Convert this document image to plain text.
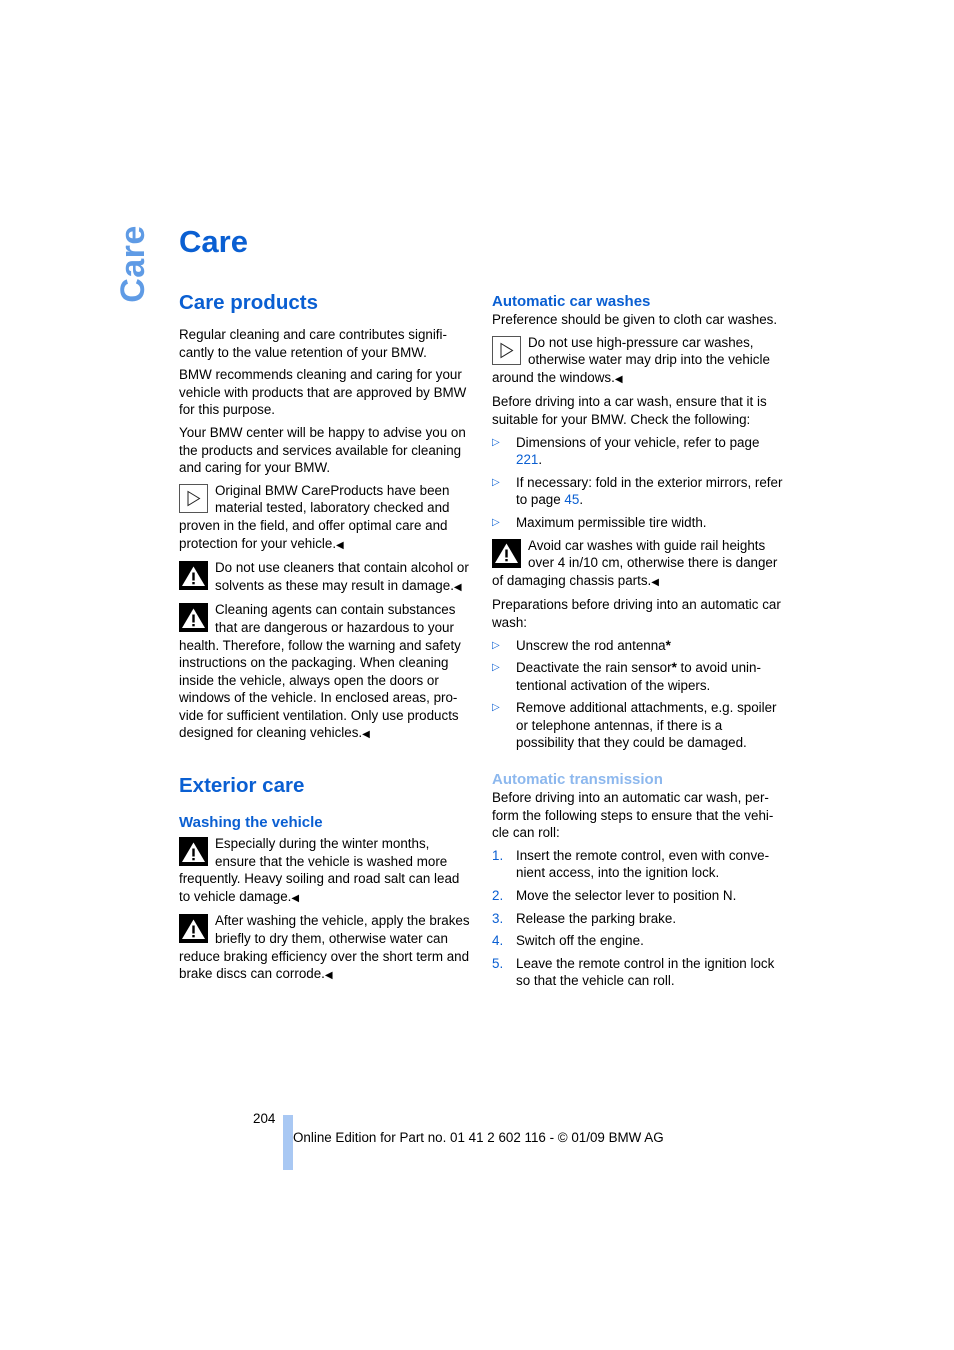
Care Care
Care products

Regular cleaning and care contributes signifi-cantly to the value retention of your BMW.

BMW recommends cleaning and caring for your vehicle with products that are approved by BMW for this purpose.

Your BMW center will be happy to advise you on the products and services available for cleaning and caring for your BMW.

Original BMW CareProducts have been material tested, laboratory checked and proven in the field, and offer optimal care and protection for your vehicle.◀
Do not use cleaners that contain alcohol or solvents as these may result in damage.◀
Cleaning agents can contain substances that are dangerous or hazardous to your health. Therefore, follow the warning and safety instructions on the packaging. When cleaning inside the vehicle, always open the doors or windows of the vehicle. In enclosed areas, pro-vide for sufficient ventilation. Only use products designed for cleaning vehicles.◀
Exterior care
Washing the vehicle
Especially during the winter months, ensure that the vehicle is washed more frequently. Heavy soiling and road salt can lead to vehicle damage.◀
After washing the vehicle, apply the brakes briefly to dry them, otherwise water can reduce braking efficiency over the short term and brake discs can corrode.◀
Automatic car washes

Preference should be given to cloth car washes.

Do not use high-pressure car washes, otherwise water may drip into the vehicle around the windows.◀

Before driving into a car wash, ensure that it is suitable for your BMW. Check the following:

▷ Dimensions of your vehicle, refer to page 221.
▷ If necessary: fold in the exterior mirrors, refer to page 45.
▷ Maximum permissible tire width.
Avoid car washes with guide rail heights over 4 in/10 cm, otherwise there is danger of damaging chassis parts.◀

Preparations before driving into an automatic car wash:

▷ Unscrew the rod antenna*
▷ Deactivate the rain sensor* to avoid unin-tentional activation of the wipers.
▷ Remove additional attachments, e.g. spoiler or telephone antennas, if there is a possibility that they could be damaged.
Automatic transmission

Before driving into an automatic car wash, per-form the following steps to ensure that the vehi-cle can roll:

1. Insert the remote control, even with conve-nient access, into the ignition lock.
2. Move the selector lever to position N.
3. Release the parking brake.
4. Switch off the engine.
5. Leave the remote control in the ignition lock so that the vehicle can roll.
204
Online Edition for Part no. 01 41 2 602 116 - © 01/09 BMW AG
